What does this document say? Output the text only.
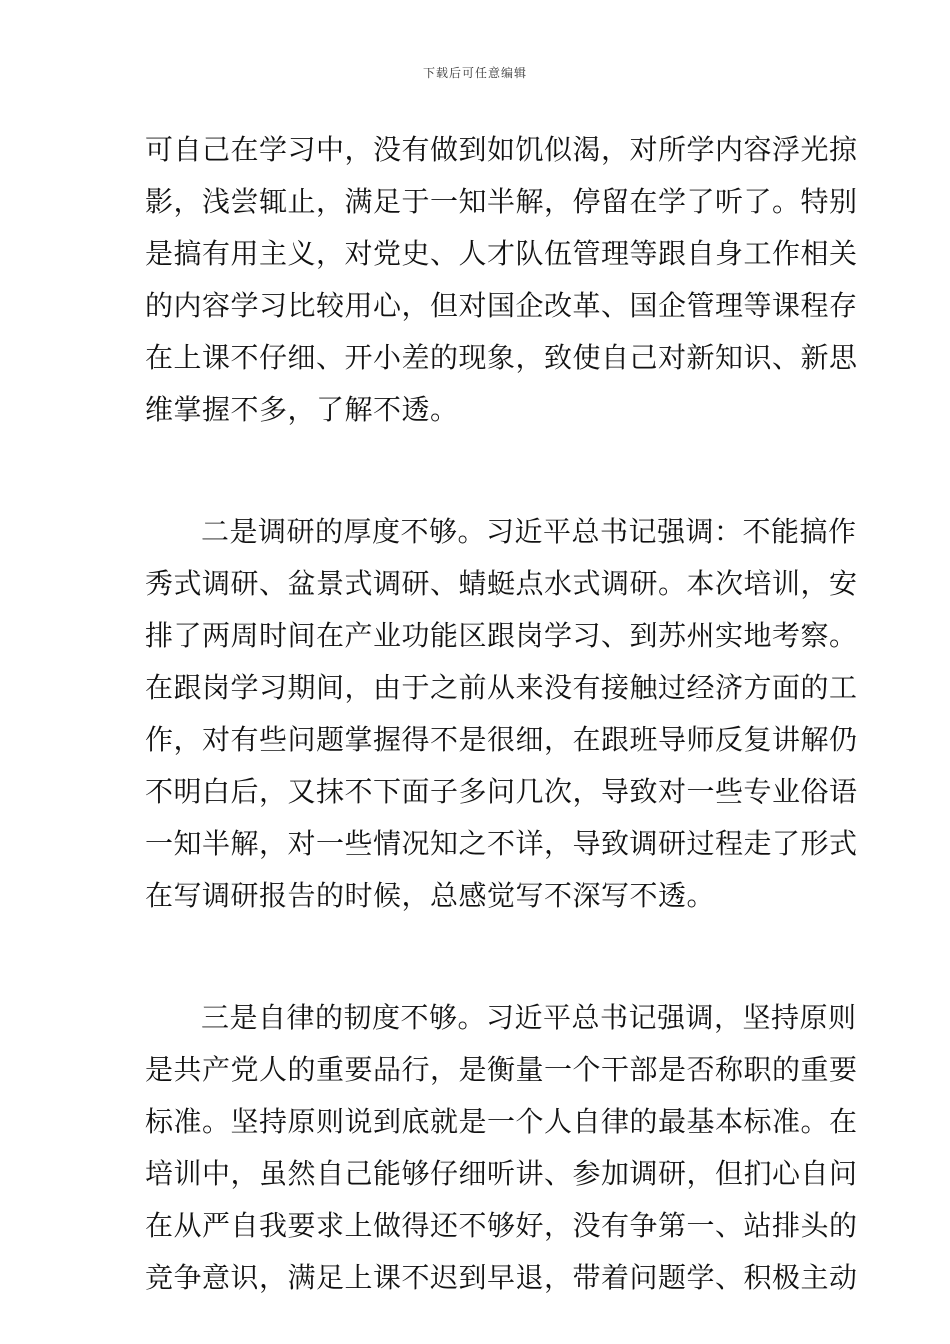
下载后可任意编辑
可自己在学习中，没有做到如饥似渴，对所学内容浮光掠
影，浅尝辄止，满足于一知半解，停留在学了听了。特别
是搞有用主义，对党史、人才队伍管理等跟自身工作相关
的内容学习比较用心，但对国企改革、国企管理等课程存
在上课不仔细、开小差的现象，致使自己对新知识、新思
维掌握不多，了解不透。
二是调研的厚度不够。习近平总书记强调：不能搞作
秀式调研、盆景式调研、蜻蜓点水式调研。本次培训，安
排了两周时间在产业功能区跟岗学习、到苏州实地考察。
在跟岗学习期间，由于之前从来没有接触过经济方面的工
作，对有些问题掌握得不是很细，在跟班导师反复讲解仍
不明白后，又抹不下面子多问几次，导致对一些专业俗语
一知半解，对一些情况知之不详，导致调研过程走了形式
在写调研报告的时候，总感觉写不深写不透。
三是自律的韧度不够。习近平总书记强调，坚持原则
是共产党人的重要品行，是衡量一个干部是否称职的重要
标准。坚持原则说到底就是一个人自律的最基本标准。在
培训中，虽然自己能够仔细听讲、参加调研，但扪心自问
在从严自我要求上做得还不够好，没有争第一、站排头的
竞争意识，满足上课不迟到早退，带着问题学、积极主动
